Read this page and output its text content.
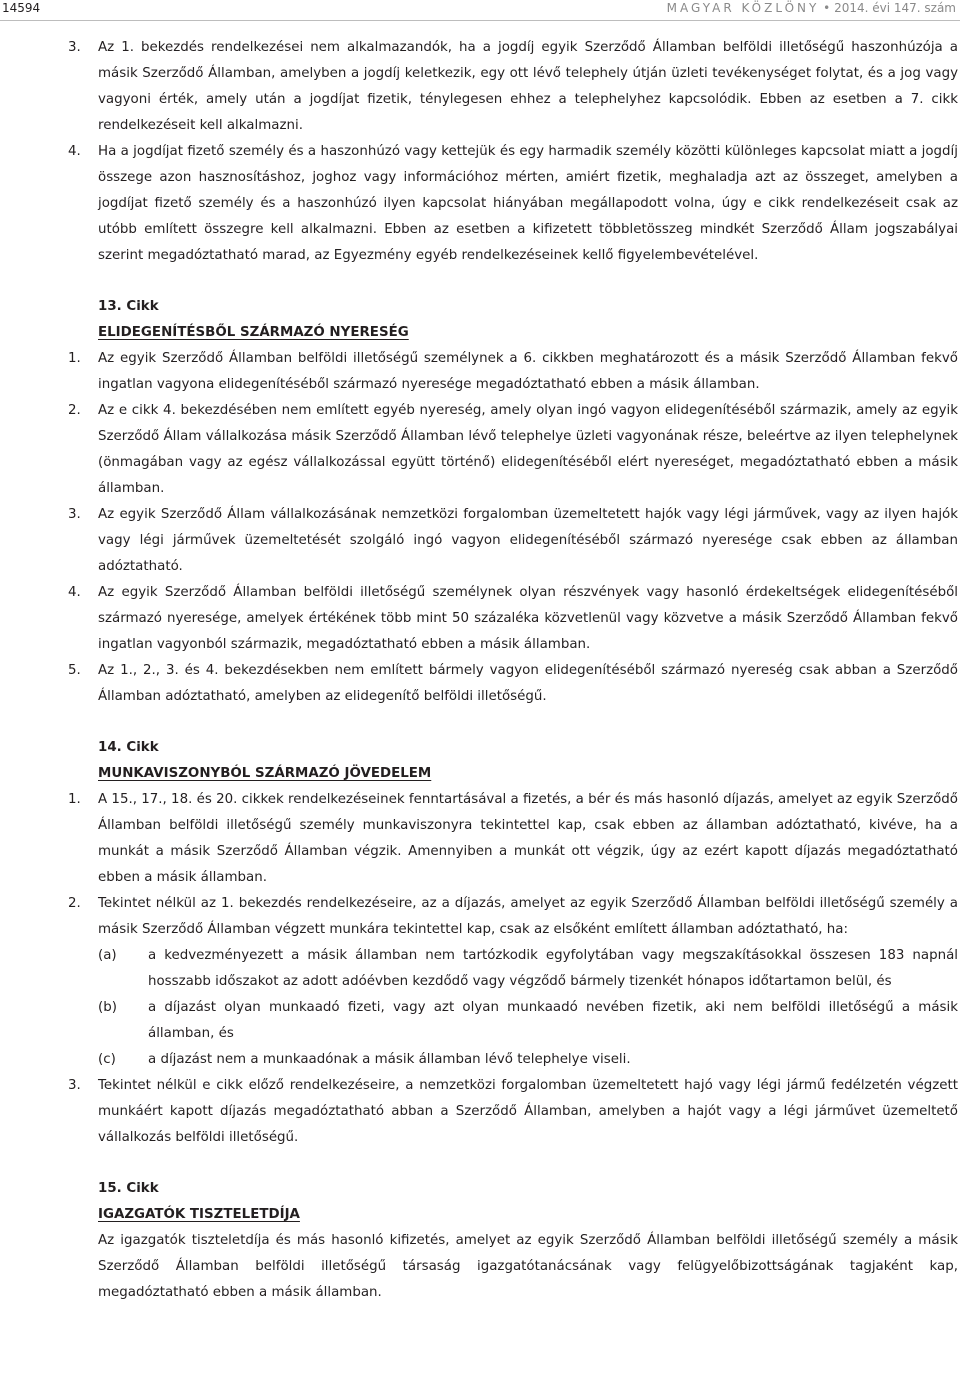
14594	MAGYAR KÖZLÖNY • 2014. évi 147. szám
3. Az 1. bekezdés rendelkezései nem alkalmazandók, ha a jogdíj egyik Szerződő Államban belföldi illetőségű haszonhúzója a másik Szerződő Államban, amelyben a jogdíj keletkezik, egy ott lévő telephely útján üzleti tevékenységet folytat, és a jog vagy vagyoni érték, amely után a jogdíjat fizetik, ténylegesen ehhez a telephelyhez kapcsolódik. Ebben az esetben a 7. cikk rendelkezéseit kell alkalmazni.
4. Ha a jogdíjat fizető személy és a haszonhúzó vagy kettejük és egy harmadik személy közötti különleges kapcsolat miatt a jogdíj összege azon hasznosításhoz, joghoz vagy információhoz mérten, amiért fizetik, meghaladja azt az összeget, amelyben a jogdíjat fizető személy és a haszonhúzó ilyen kapcsolat hiányában megállapodott volna, úgy e cikk rendelkezéseit csak az utóbb említett összegre kell alkalmazni. Ebben az esetben a kifizetett többletösszeg mindkét Szerződő Állam jogszabályai szerint megadóztatható marad, az Egyezmény egyéb rendelkezéseinek kellő figyelembevételével.
13. Cikk
ELIDEGENÍTÉSBŐL SZÁRMAZÓ NYERESÉG
1. Az egyik Szerződő Államban belföldi illetőségű személynek a 6. cikkben meghatározott és a másik Szerződő Államban fekvő ingatlan vagyona elidegenítéséből származó nyeresége megadóztatható ebben a másik államban.
2. Az e cikk 4. bekezdésében nem említett egyéb nyereség, amely olyan ingó vagyon elidegenítéséből származik, amely az egyik Szerződő Állam vállalkozása másik Szerződő Államban lévő telephelye üzleti vagyonának része, beleértve az ilyen telephelynek (önmagában vagy az egész vállalkozással együtt történő) elidegenítéséből elért nyereséget, megadóztatható ebben a másik államban.
3. Az egyik Szerződő Állam vállalkozásának nemzetközi forgalomban üzemeltetett hajók vagy légi járművek, vagy az ilyen hajók vagy légi járművek üzemeltetését szolgáló ingó vagyon elidegenítéséből származó nyeresége csak ebben az államban adóztatható.
4. Az egyik Szerződő Államban belföldi illetőségű személynek olyan részvények vagy hasonló érdekeltségek elidegenítéséből származó nyeresége, amelyek értékének több mint 50 százaléka közvetlenül vagy közvetve a másik Szerződő Államban fekvő ingatlan vagyonból származik, megadóztatható ebben a másik államban.
5. Az 1., 2., 3. és 4. bekezdésekben nem említett bármely vagyon elidegenítéséből származó nyereség csak abban a Szerződő Államban adóztatható, amelyben az elidegenítő belföldi illetőségű.
14. Cikk
MUNKAVISZONYBÓL SZÁRMAZÓ JÖVEDELEM
1. A 15., 17., 18. és 20. cikkek rendelkezéseinek fenntartásával a fizetés, a bér és más hasonló díjazás, amelyet az egyik Szerződő Államban belföldi illetőségű személy munkaviszonyra tekintettel kap, csak ebben az államban adóztatható, kivéve, ha a munkát a másik Szerződő Államban végzik. Amennyiben a munkát ott végzik, úgy az ezért kapott díjazás megadóztatható ebben a másik államban.
2. Tekintet nélkül az 1. bekezdés rendelkezéseire, az a díjazás, amelyet az egyik Szerződő Államban belföldi illetőségű személy a másik Szerződő Államban végzett munkára tekintettel kap, csak az elsőként említett államban adóztatható, ha:
(a) a kedvezményezett a másik államban nem tartózkodik egyfolytában vagy megszakításokkal összesen 183 napnál hosszabb időszakot az adott adóévben kezdődő vagy végződő bármely tizenkét hónapos időtartamon belül, és
(b) a díjazást olyan munkaadó fizeti, vagy azt olyan munkaadó nevében fizetik, aki nem belföldi illetőségű a másik államban, és
(c) a díjazást nem a munkaadónak a másik államban lévő telephelye viseli.
3. Tekintet nélkül e cikk előző rendelkezéseire, a nemzetközi forgalomban üzemeltetett hajó vagy légi jármű fedélzetén végzett munkáért kapott díjazás megadóztatható abban a Szerződő Államban, amelyben a hajót vagy a légi járművet üzemeltető vállalkozás belföldi illetőségű.
15. Cikk
IGAZGATÓK TISZTELETDÍJA
Az igazgatók tiszteletdíja és más hasonló kifizetés, amelyet az egyik Szerződő Államban belföldi illetőségű személy a másik Szerződő Államban belföldi illetőségű társaság igazgatótanácsának vagy felügyelőbizottságának tagjaként kap, megadóztatható ebben a másik államban.
